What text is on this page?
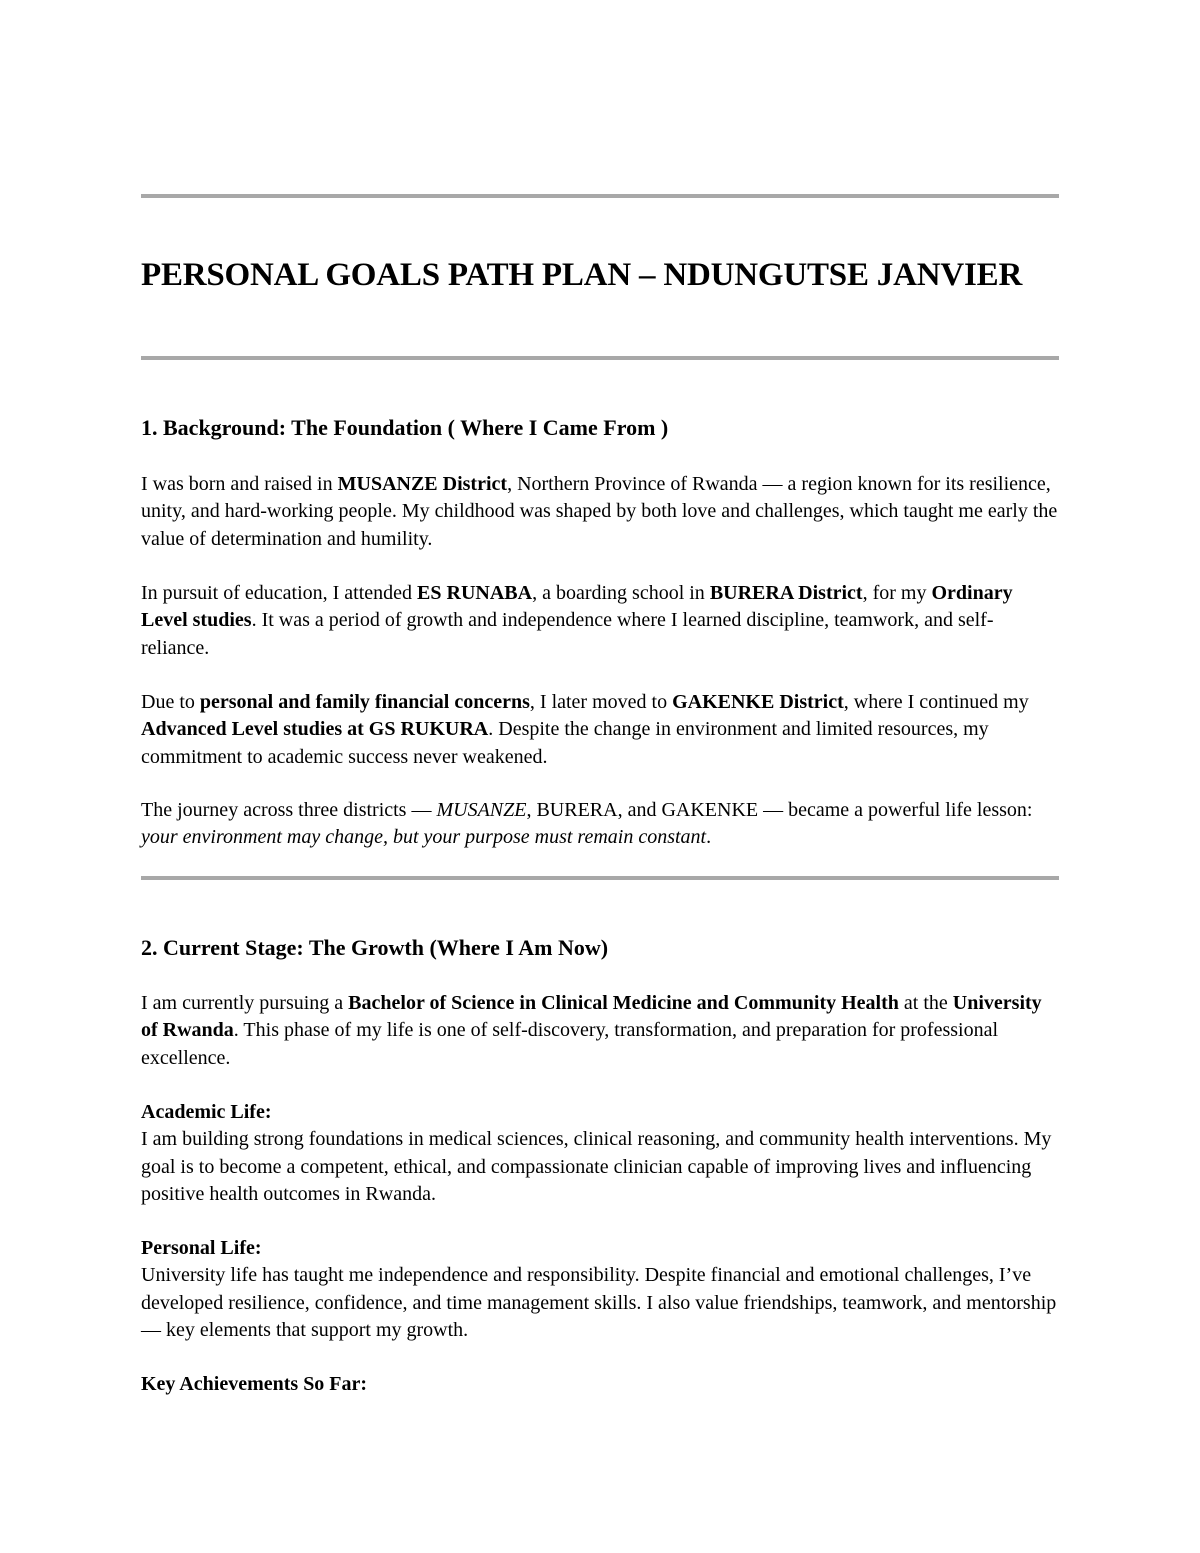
PERSONAL GOALS PATH PLAN – NDUNGUTSE JANVIER
1. Background: The Foundation ( Where I Came From )

I was born and raised in MUSANZE District, Northern Province of Rwanda — a region known for its resilience, unity, and hard-working people. My childhood was shaped by both love and challenges, which taught me early the value of determination and humility.

In pursuit of education, I attended ES RUNABA, a boarding school in BURERA District, for my Ordinary Level studies. It was a period of growth and independence where I learned discipline, teamwork, and self-reliance.

Due to personal and family financial concerns, I later moved to GAKENKE District, where I continued my Advanced Level studies at GS RUKURA. Despite the change in environment and limited resources, my commitment to academic success never weakened.

The journey across three districts — MUSANZE, BURERA, and GAKENKE — became a powerful life lesson: your environment may change, but your purpose must remain constant.

2. Current Stage: The Growth (Where I Am Now)

I am currently pursuing a Bachelor of Science in Clinical Medicine and Community Health at the University of Rwanda. This phase of my life is one of self-discovery, transformation, and preparation for professional excellence.

Academic Life:
I am building strong foundations in medical sciences, clinical reasoning, and community health interventions. My goal is to become a competent, ethical, and compassionate clinician capable of improving lives and influencing positive health outcomes in Rwanda.

Personal Life:
University life has taught me independence and responsibility. Despite financial and emotional challenges, I’ve developed resilience, confidence, and time management skills. I also value friendships, teamwork, and mentorship — key elements that support my growth.

Key Achievements So Far:
